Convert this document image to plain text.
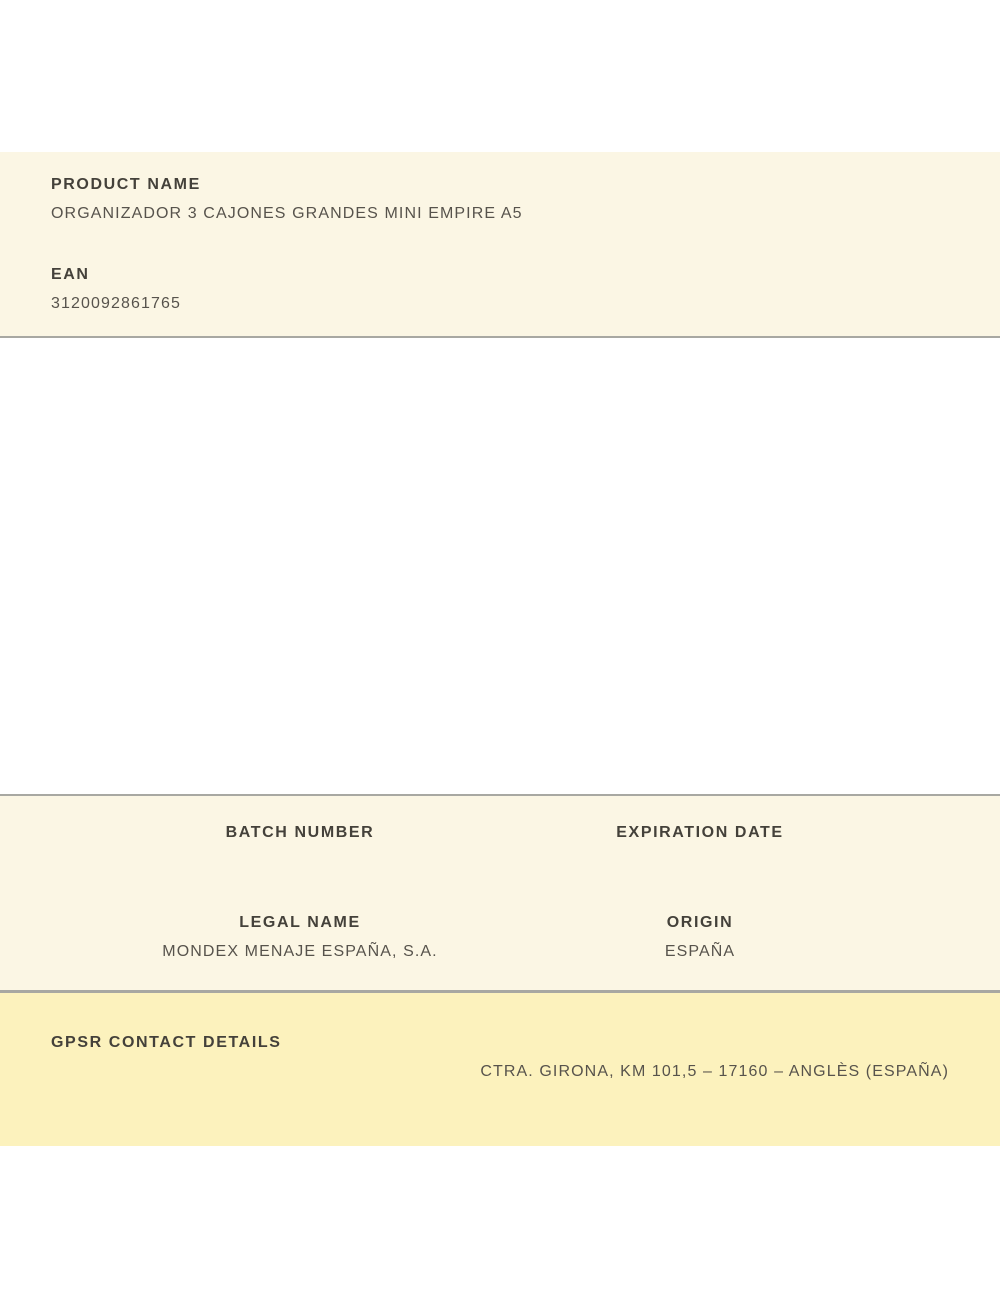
PRODUCT NAME

ORGANIZADOR 3 CAJONES GRANDES MINI EMPIRE A5

EAN

3120092861765

BATCH NUMBER	EXPIRATION DATE

LEGAL NAME

MONDEX MENAJE ESPAÑA, S.A.

ORIGIN

ESPAÑA

GPSR CONTACT DETAILS

CTRA. GIRONA, KM 101,5 – 17160 – ANGLÈS (ESPAÑA)
